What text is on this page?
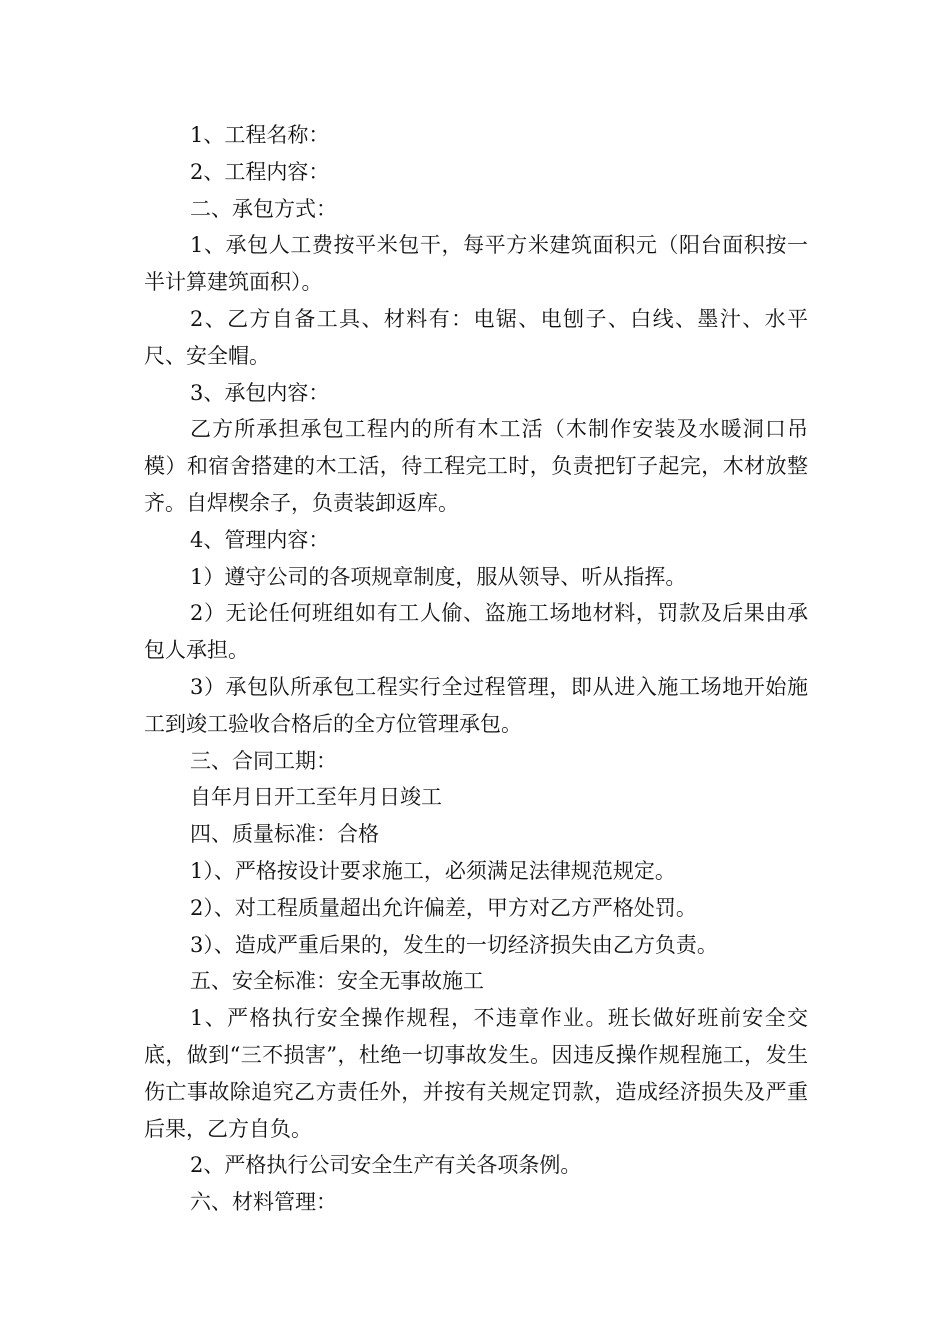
1、工程名称：

2、工程内容：

二、承包方式：

1、承包人工费按平米包干，每平方米建筑面积元（阳台面积按一半计算建筑面积）。

2、乙方自备工具、材料有：电锯、电刨子、白线、墨汁、水平尺、安全帽。

3、承包内容：

乙方所承担承包工程内的所有木工活（木制作安装及水暖洞口吊模）和宿舍搭建的木工活，待工程完工时，负责把钉子起完，木材放整齐。自焊楔余子，负责装卸返库。

4、管理内容：

1）遵守公司的各项规章制度，服从领导、听从指挥。

2）无论任何班组如有工人偷、盗施工场地材料，罚款及后果由承包人承担。

3）承包队所承包工程实行全过程管理，即从进入施工场地开始施工到竣工验收合格后的全方位管理承包。

三、合同工期：

自年月日开工至年月日竣工

四、质量标准：合格

1）、严格按设计要求施工，必须满足法律规范规定。

2）、对工程质量超出允许偏差，甲方对乙方严格处罚。

3）、造成严重后果的，发生的一切经济损失由乙方负责。

五、安全标准：安全无事故施工

1、严格执行安全操作规程，不违章作业。班长做好班前安全交底，做到“三不损害”，杜绝一切事故发生。因违反操作规程施工，发生伤亡事故除追究乙方责任外，并按有关规定罚款，造成经济损失及严重后果，乙方自负。

2、严格执行公司安全生产有关各项条例。

六、材料管理：
